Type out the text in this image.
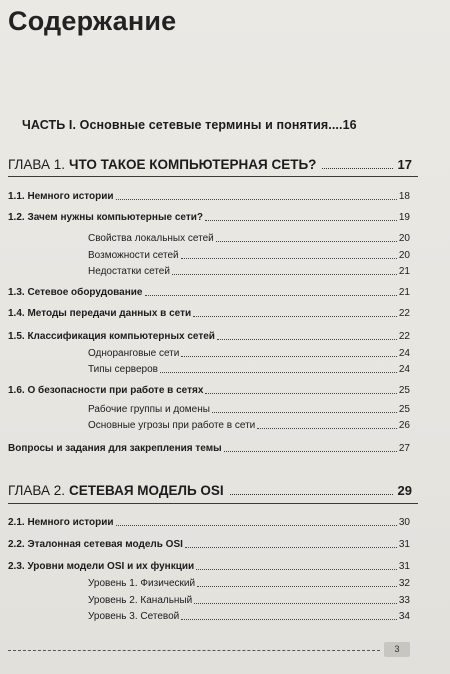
Содержание
ЧАСТЬ I. Основные сетевые термины и понятия....16
ГЛАВА 1. ЧТО ТАКОЕ КОМПЬЮТЕРНАЯ СЕТЬ?	17
1.1. Немного истории	18
1.2. Зачем нужны компьютерные сети?	19
Свойства локальных сетей	20
Возможности сетей	20
Недостатки сетей	21
1.3. Сетевое оборудование	21
1.4. Методы передачи данных в сети	22
1.5. Классификация компьютерных сетей	22
Одноранговые сети	24
Типы серверов	24
1.6. О безопасности при работе в сетях	25
Рабочие группы и домены	25
Основные угрозы при работе в сети	26
Вопросы и задания для закрепления темы	27
ГЛАВА 2. СЕТЕВАЯ МОДЕЛЬ OSI	29
2.1. Немного истории	30
2.2. Эталонная сетевая модель OSI	31
2.3. Уровни модели OSI и их функции	31
Уровень 1. Физический	32
Уровень 2. Канальный	33
Уровень 3. Сетевой	34
3
